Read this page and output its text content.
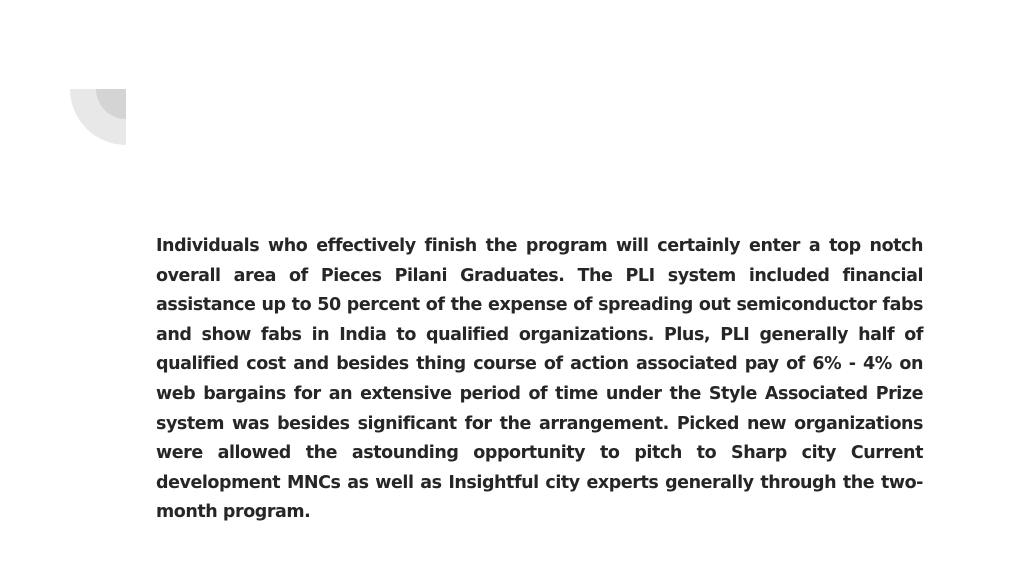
Individuals who effectively finish the program will certainly enter a top notch overall area of Pieces Pilani Graduates. The PLI system included financial assistance up to 50 percent of the expense of spreading out semiconductor fabs and show fabs in India to qualified organizations. Plus, PLI generally half of qualified cost and besides thing course of action associated pay of 6% - 4% on web bargains for an extensive period of time under the Style Associated Prize system was besides significant for the arrangement. Picked new organizations were allowed the astounding opportunity to pitch to Sharp city Current development MNCs as well as Insightful city experts generally through the two-month program.
